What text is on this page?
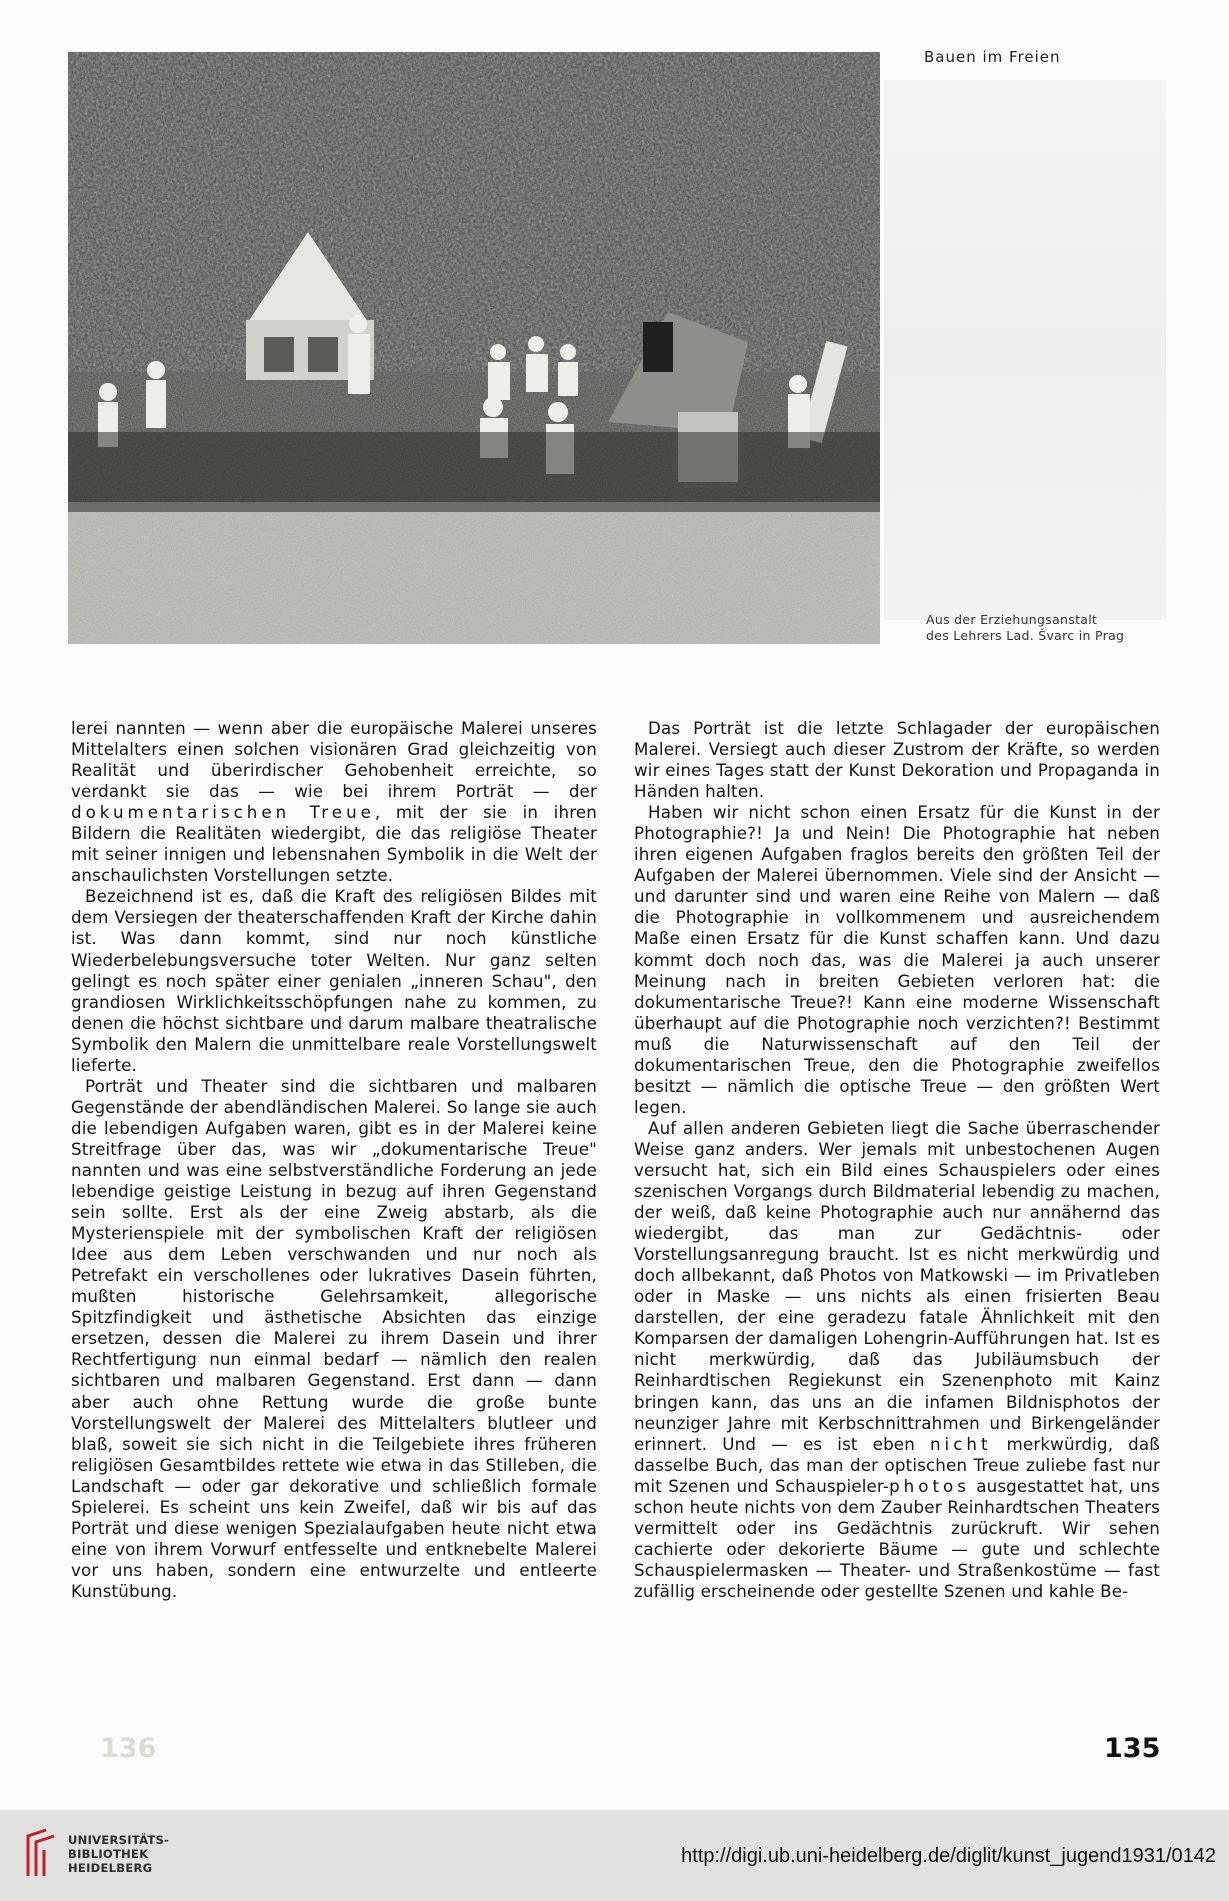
Bauen im Freien
Aus der Erziehungsanstalt
des Lehrers Lad. Švarc in Prag

lerei nannten — wenn aber die europäische Malerei unseres Mittelalters einen solchen visionären Grad gleichzeitig von Realität und überirdischer Gehobenheit erreichte, so verdankt sie das — wie bei ihrem Porträt — der dokumentarischen Treue, mit der sie in ihren Bildern die Realitäten wiedergibt, die das religiöse Theater mit seiner innigen und lebensnahen Symbolik in die Welt der anschaulichsten Vorstellungen setzte.

Bezeichnend ist es, daß die Kraft des religiösen Bildes mit dem Versiegen der theaterschaffenden Kraft der Kirche dahin ist. Was dann kommt, sind nur noch künstliche Wiederbelebungsversuche toter Welten. Nur ganz selten gelingt es noch später einer genialen „inneren Schau", den grandiosen Wirklichkeitsschöpfungen nahe zu kommen, zu denen die höchst sichtbare und darum malbare theatralische Symbolik den Malern die unmittelbare reale Vorstellungswelt lieferte.

Porträt und Theater sind die sichtbaren und malbaren Gegenstände der abendländischen Malerei. So lange sie auch die lebendigen Aufgaben waren, gibt es in der Malerei keine Streitfrage über das, was wir „dokumentarische Treue" nannten und was eine selbstverständliche Forderung an jede lebendige geistige Leistung in bezug auf ihren Gegenstand sein sollte. Erst als der eine Zweig abstarb, als die Mysterienspiele mit der symbolischen Kraft der religiösen Idee aus dem Leben verschwanden und nur noch als Petrefakt ein verschollenes oder lukratives Dasein führten, mußten historische Gelehrsamkeit, allegorische Spitzfindigkeit und ästhetische Absichten das einzige ersetzen, dessen die Malerei zu ihrem Dasein und ihrer Rechtfertigung nun einmal bedarf — nämlich den realen sichtbaren und malbaren Gegenstand. Erst dann — dann aber auch ohne Rettung wurde die große bunte Vorstellungswelt der Malerei des Mittelalters blutleer und blaß, soweit sie sich nicht in die Teilgebiete ihres früheren religiösen Gesamtbildes rettete wie etwa in das Stilleben, die Landschaft — oder gar dekorative und schließlich formale Spielerei. Es scheint uns kein Zweifel, daß wir bis auf das Porträt und diese wenigen Spezialaufgaben heute nicht etwa eine von ihrem Vorwurf entfesselte und entknebelte Malerei vor uns haben, sondern eine entwurzelte und entleerte Kunstübung.

Das Porträt ist die letzte Schlagader der europäischen Malerei. Versiegt auch dieser Zustrom der Kräfte, so werden wir eines Tages statt der Kunst Dekoration und Propaganda in Händen halten.

Haben wir nicht schon einen Ersatz für die Kunst in der Photographie?! Ja und Nein! Die Photographie hat neben ihren eigenen Aufgaben fraglos bereits den größten Teil der Aufgaben der Malerei übernommen. Viele sind der Ansicht — und darunter sind und waren eine Reihe von Malern — daß die Photographie in vollkommenem und ausreichendem Maße einen Ersatz für die Kunst schaffen kann. Und dazu kommt doch noch das, was die Malerei ja auch unserer Meinung nach in breiten Gebieten verloren hat: die dokumentarische Treue?! Kann eine moderne Wissenschaft überhaupt auf die Photographie noch verzichten?! Bestimmt muß die Naturwissenschaft auf den Teil der dokumentarischen Treue, den die Photographie zweifellos besitzt — nämlich die optische Treue — den größten Wert legen.

Auf allen anderen Gebieten liegt die Sache überraschender Weise ganz anders. Wer jemals mit unbestochenen Augen versucht hat, sich ein Bild eines Schauspielers oder eines szenischen Vorgangs durch Bildmaterial lebendig zu machen, der weiß, daß keine Photographie auch nur annähernd das wiedergibt, das man zur Gedächtnis- oder Vorstellungsanregung braucht. Ist es nicht merkwürdig und doch allbekannt, daß Photos von Matkowski — im Privatleben oder in Maske — uns nichts als einen frisierten Beau darstellen, der eine geradezu fatale Ähnlichkeit mit den Komparsen der damaligen Lohengrin-Aufführungen hat. Ist es nicht merkwürdig, daß das Jubiläumsbuch der Reinhardtischen Regiekunst ein Szenenphoto mit Kainz bringen kann, das uns an die infamen Bildnisphotos der neunziger Jahre mit Kerbschnittrahmen und Birkengeländer erinnert. Und — es ist eben nicht merkwürdig, daß dasselbe Buch, das man der optischen Treue zuliebe fast nur mit Szenen und Schauspieler-photos ausgestattet hat, uns schon heute nichts von dem Zauber Reinhardtschen Theaters vermittelt oder ins Gedächtnis zurückruft. Wir sehen cachierte oder dekorierte Bäume — gute und schlechte Schauspielermasken — Theater- und Straßenkostüme — fast zufällig erscheinende oder gestellte Szenen und kahle Be-

136	135
UNIVERSITÄTS-
BIBLIOTHEK
HEIDELBERG
http://digi.ub.uni-heidelberg.de/diglit/kunst_jugend1931/0142
